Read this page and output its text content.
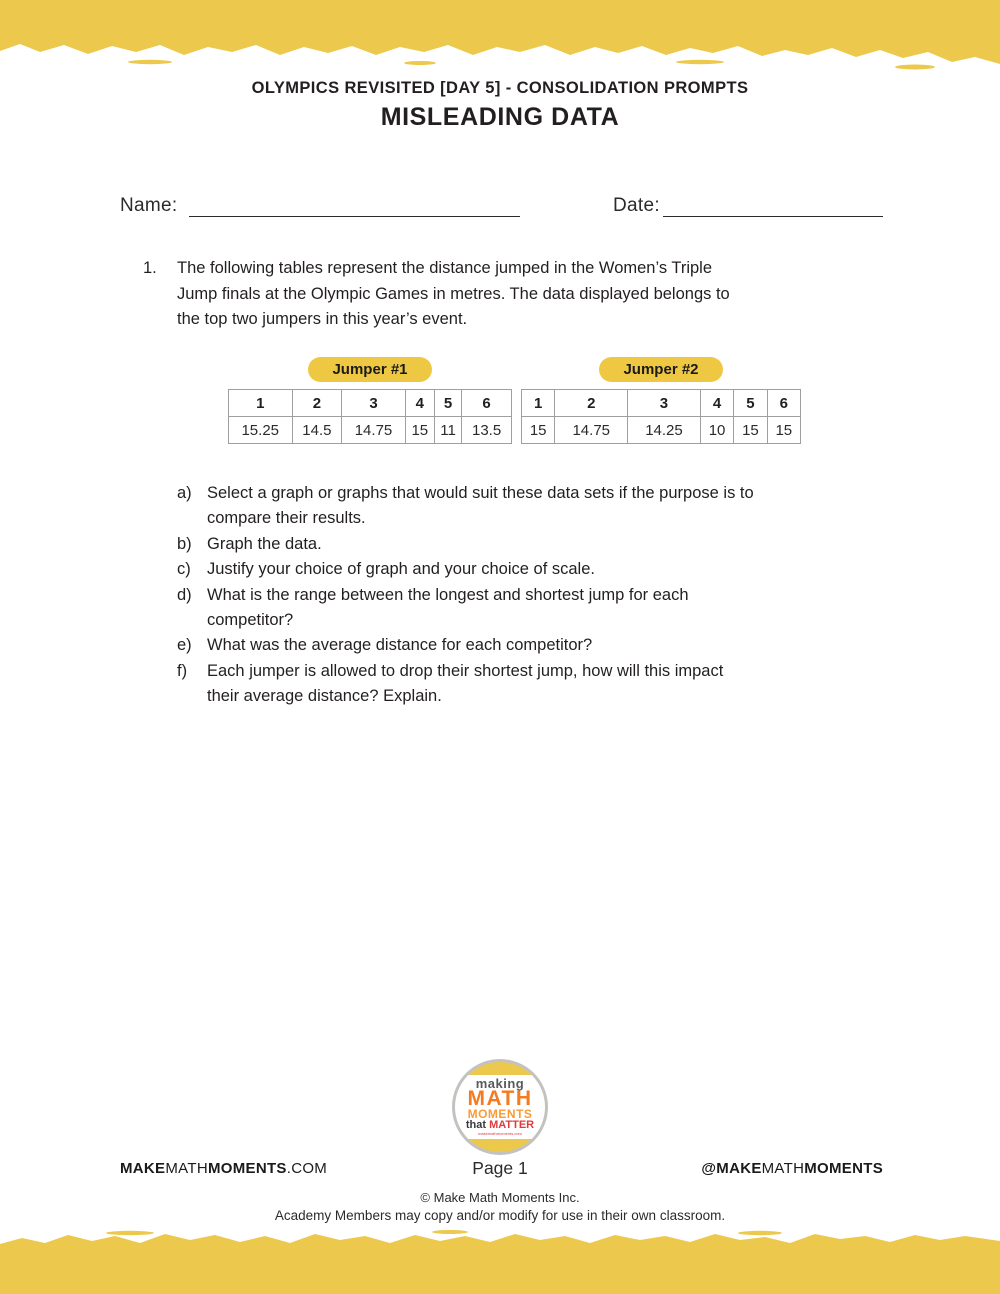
OLYMPICS REVISITED [DAY 5] - CONSOLIDATION PROMPTS
MISLEADING DATA
Name:	Date:
1. The following tables represent the distance jumped in the Women’s Triple
Jump finals at the Olympic Games in metres. The data displayed belongs to
the top two jumpers in this year’s event.
Jumper #1
1	2	3	4	5	6
15.25	14.5	14.75	15	11	13.5
Jumper #2
1	2	3	4	5	6
15	14.75	14.25	10	15	15
a) Select a graph or graphs that would suit these data sets if the purpose is to
compare their results.
b) Graph the data.
c) Justify your choice of graph and your choice of scale.
d) What is the range between the longest and shortest jump for each
competitor?
e) What was the average distance for each competitor?
f) Each jumper is allowed to drop their shortest jump, how will this impact
their average distance? Explain.
making
MATH
MOMENTS
that MATTER
makemathmoments.com
MAKEMATHMOMENTS.COM	Page 1	@MAKEMATHMOMENTS
© Make Math Moments Inc.
Academy Members may copy and/or modify for use in their own classroom.
